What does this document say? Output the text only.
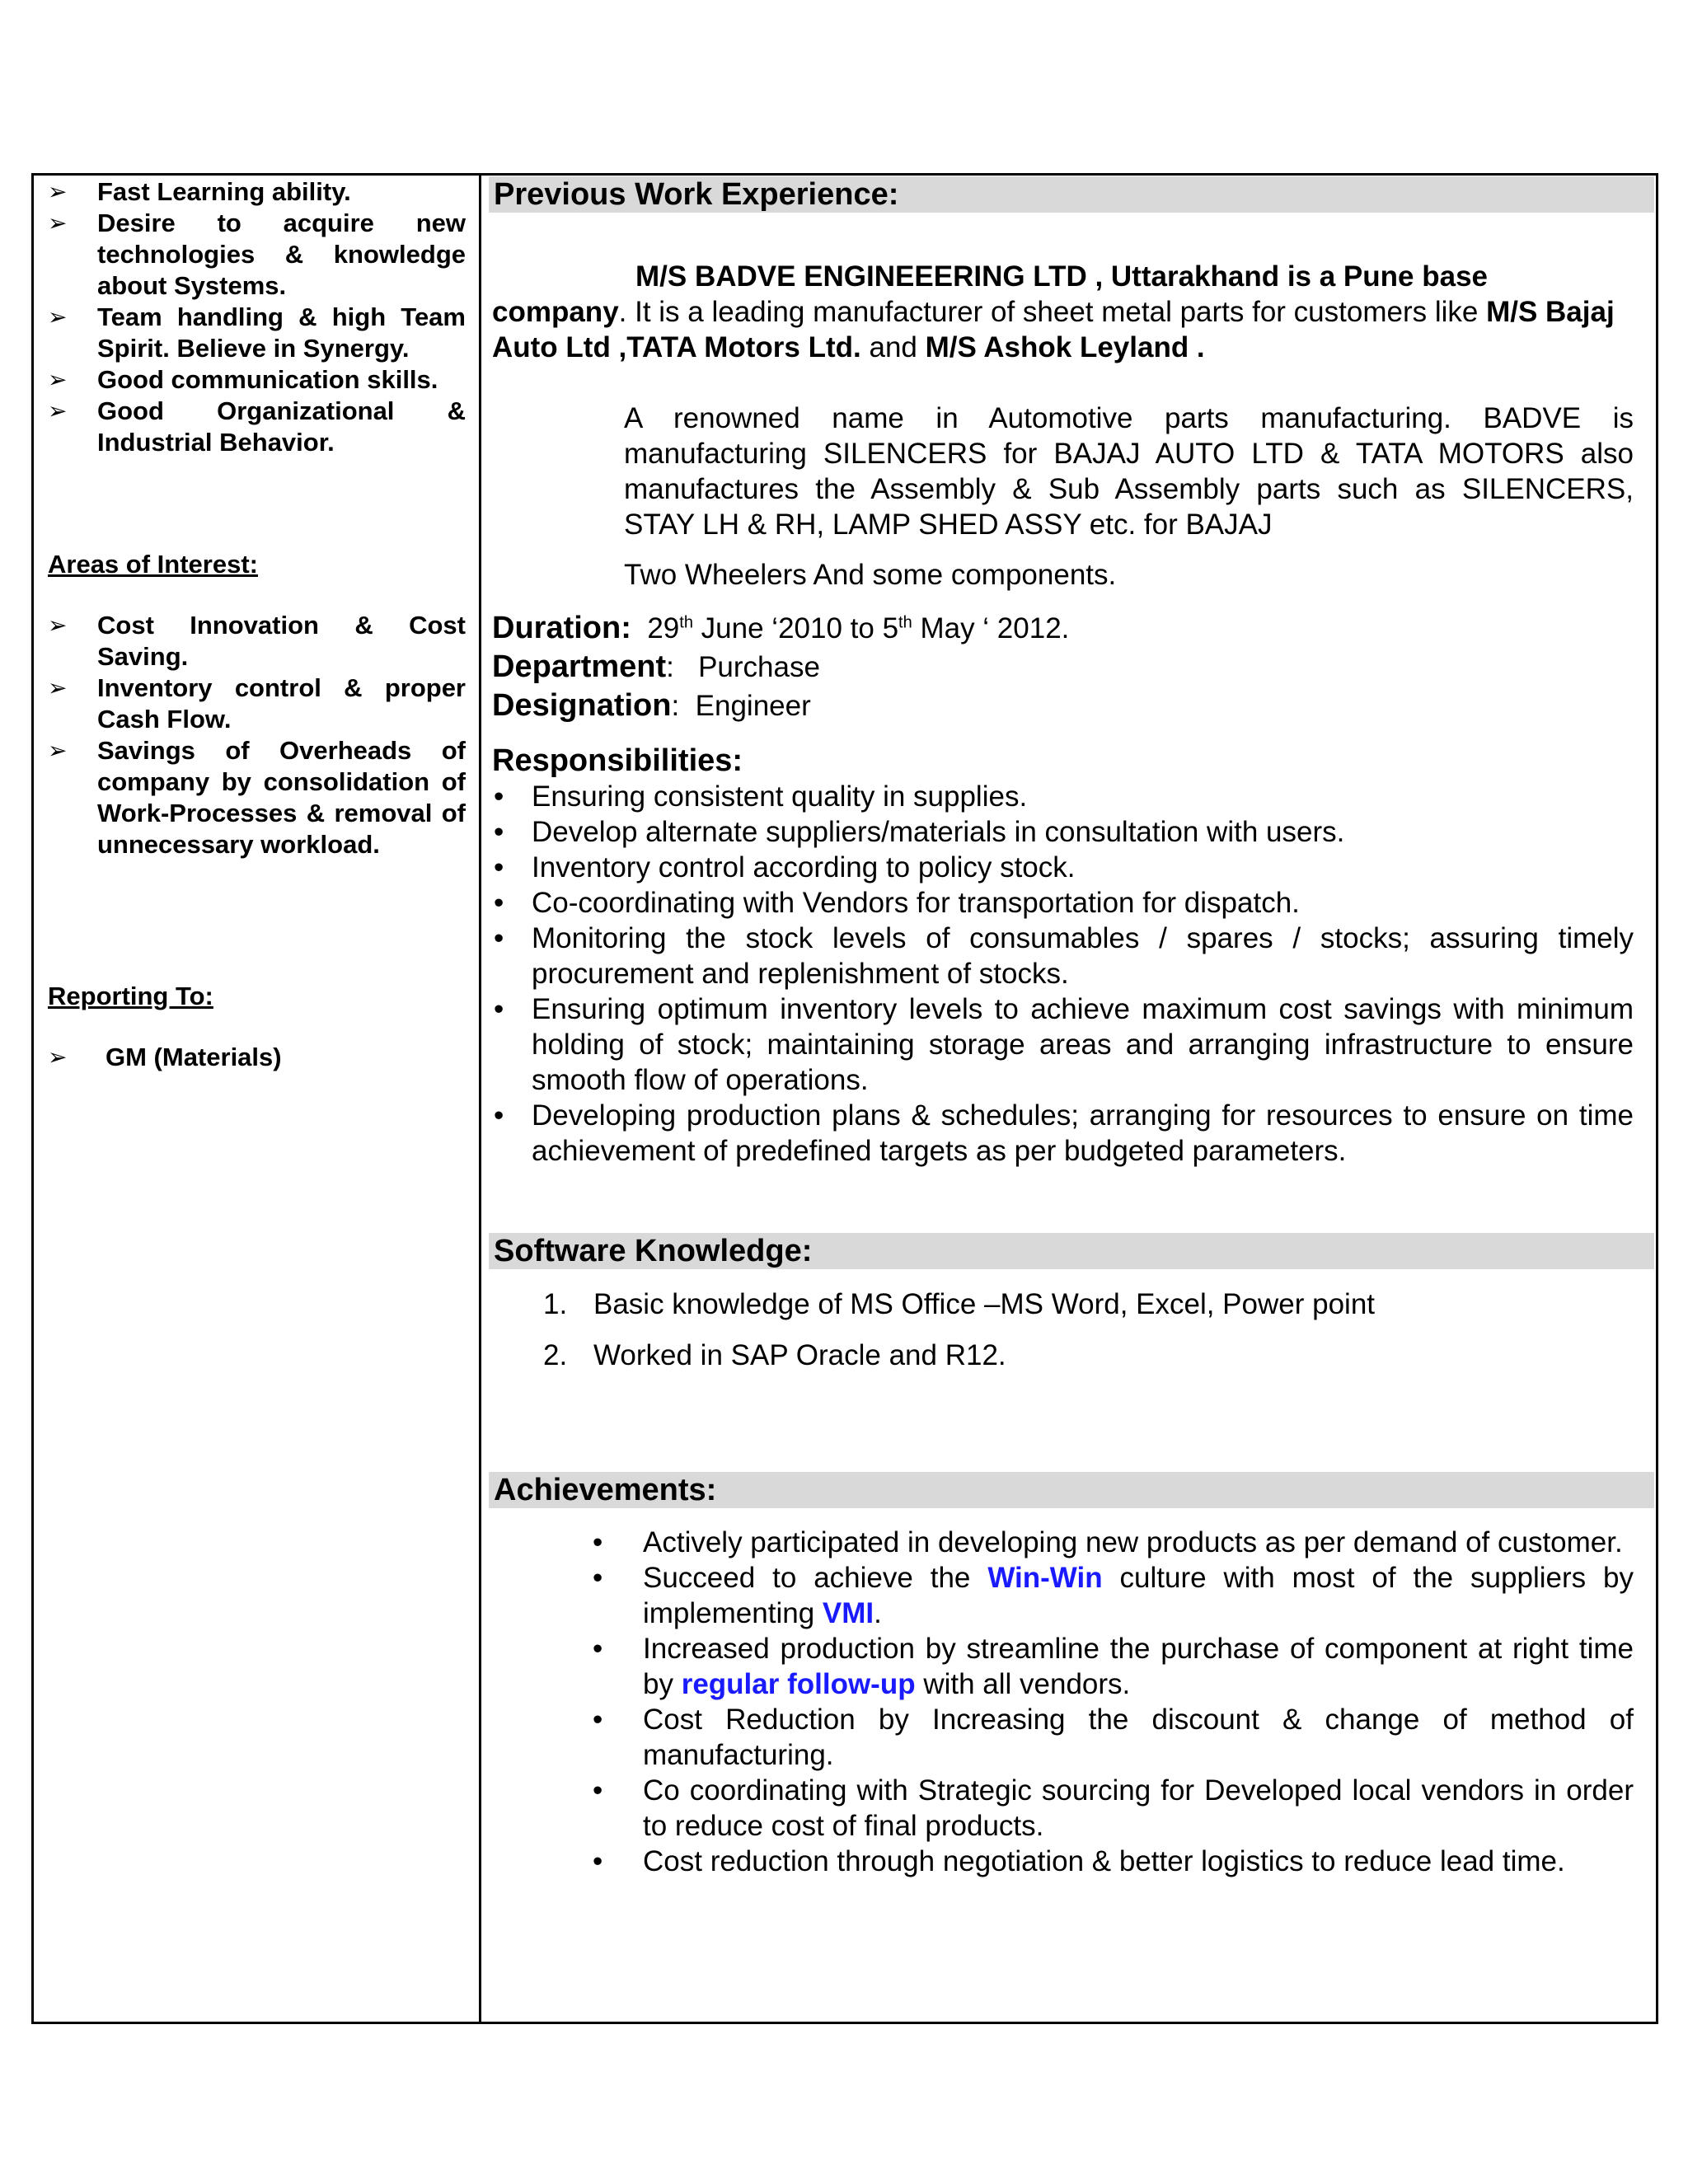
➢ Fast Learning ability.
➢ Desire to acquire new technologies & knowledge about Systems.
➢ Team handling & high Team Spirit. Believe in Synergy.
➢ Good communication skills.
➢ Good Organizational & Industrial Behavior.

Areas of Interest:

➢ Cost Innovation & Cost Saving.
➢ Inventory control & proper Cash Flow.
➢ Savings of Overheads of company by consolidation of Work-Processes & removal of unnecessary workload.

Reporting To:

➢ GM (Materials)
Previous Work Experience:

M/S BADVE ENGINEEERING LTD , Uttarakhand is a Pune base

company. It is a leading manufacturer of sheet metal parts for customers like M/S Bajaj Auto Ltd ,TATA Motors Ltd. and M/S Ashok Leyland .

A renowned name in Automotive parts manufacturing. BADVE is manufacturing SILENCERS for BAJAJ AUTO LTD & TATA MOTORS also manufactures the Assembly & Sub Assembly parts such as SILENCERS, STAY LH & RH, LAMP SHED ASSY etc. for BAJAJ

Two Wheelers And some components.

Duration: 29th June ‘2010 to 5th May ‘ 2012.
Department:   Purchase
Designation:  Engineer
Responsibilities:
• Ensuring consistent quality in supplies.
• Develop alternate suppliers/materials in consultation with users.
• Inventory control according to policy stock.
• Co-coordinating with Vendors for transportation for dispatch.
• Monitoring the stock levels of consumables / spares / stocks; assuring timely procurement and replenishment of stocks.
• Ensuring optimum inventory levels to achieve maximum cost savings with minimum holding of stock; maintaining storage areas and arranging infrastructure to ensure smooth flow of operations.
• Developing production plans & schedules; arranging for resources to ensure on time achievement of predefined targets as per budgeted parameters.
Software Knowledge:
1. Basic knowledge of MS Office –MS Word, Excel, Power point
2. Worked in SAP Oracle and R12.
Achievements:
• Actively participated in developing new products as per demand of customer.
• Succeed to achieve the Win-Win culture with most of the suppliers by implementing VMI.
• Increased production by streamline the purchase of component at right time by regular follow-up with all vendors.
• Cost Reduction by Increasing the discount & change of method of manufacturing.
• Co coordinating with Strategic sourcing for Developed local vendors in order to reduce cost of final products.
• Cost reduction through negotiation & better logistics to reduce lead time.
